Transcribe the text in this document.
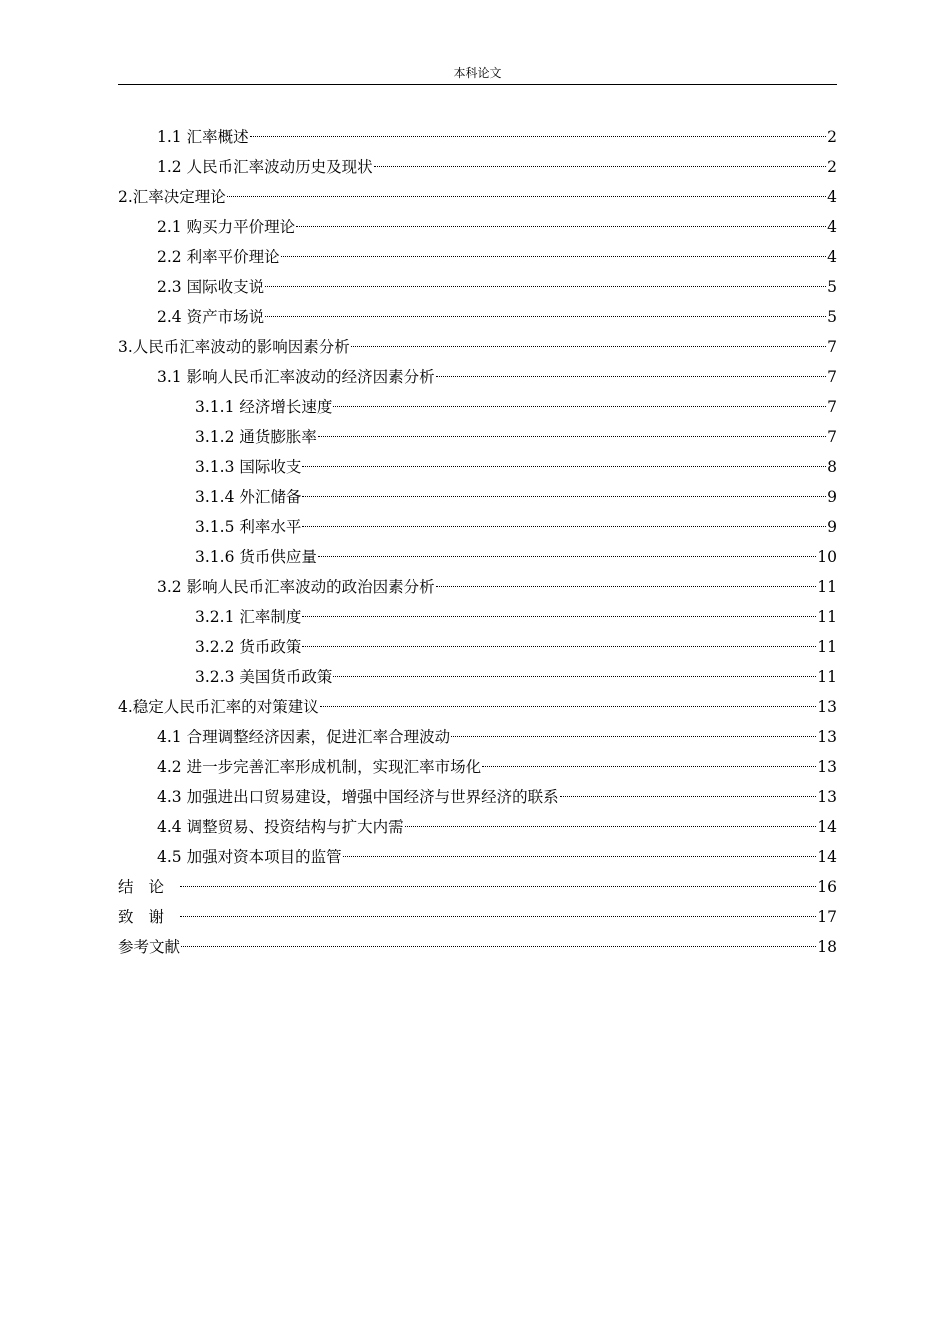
本科论文
1.1 汇率概述	2
1.2 人民币汇率波动历史及现状	2
2.汇率决定理论	4
2.1 购买力平价理论	4
2.2 利率平价理论	4
2.3 国际收支说	5
2.4 资产市场说	5
3.人民币汇率波动的影响因素分析	7
3.1 影响人民币汇率波动的经济因素分析	7
3.1.1 经济增长速度	7
3.1.2 通货膨胀率	7
3.1.3 国际收支	8
3.1.4 外汇储备	9
3.1.5 利率水平	9
3.1.6 货币供应量	10
3.2 影响人民币汇率波动的政治因素分析	11
3.2.1 汇率制度	11
3.2.2 货币政策	11
3.2.3 美国货币政策	11
4.稳定人民币汇率的对策建议	13
4.1 合理调整经济因素，促进汇率合理波动	13
4.2 进一步完善汇率形成机制，实现汇率市场化	13
4.3 加强进出口贸易建设，增强中国经济与世界经济的联系	13
4.4 调整贸易、投资结构与扩大内需	14
4.5 加强对资本项目的监管	14
结论	16
致谢	17
参考文献	18
